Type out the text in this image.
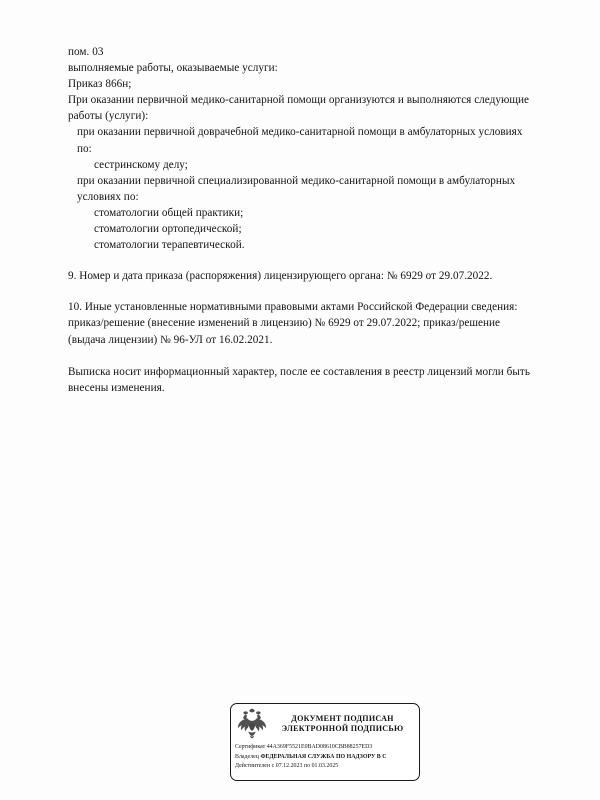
пом. 03

выполняемые работы, оказываемые услуги:

Приказ 866н;

При оказании первичной медико-санитарной помощи организуются и выполняются следующие работы (услуги):

при оказании первичной доврачебной медико-санитарной помощи в амбулаторных условиях по:

сестринскому делу;

при оказании первичной специализированной медико-санитарной помощи в амбулаторных условиях по:

стоматологии общей практики;

стоматологии ортопедической;

стоматологии терапевтической.

9. Номер и дата приказа (распоряжения) лицензирующего органа: № 6929 от 29.07.2022.

10. Иные установленные нормативными правовыми актами Российской Федерации сведения: приказ/решение (внесение изменений в лицензию) № 6929 от 29.07.2022; приказ/решение (выдача лицензии) № 96-УЛ от 16.02.2021.

Выписка носит информационный характер, после ее составления в реестр лицензий могли быть внесены изменения.

ДОКУМЕНТ ПОДПИСАН
ЭЛЕКТРОННОЙ ПОДПИСЬЮ
Сертификат 44A369F5521E0BAD08610CBB88257ED3
Владелец ФЕДЕРАЛЬНАЯ СЛУЖБА ПО НАДЗОРУ В С
Действителен с 07.12.2023 по 01.03.2025
